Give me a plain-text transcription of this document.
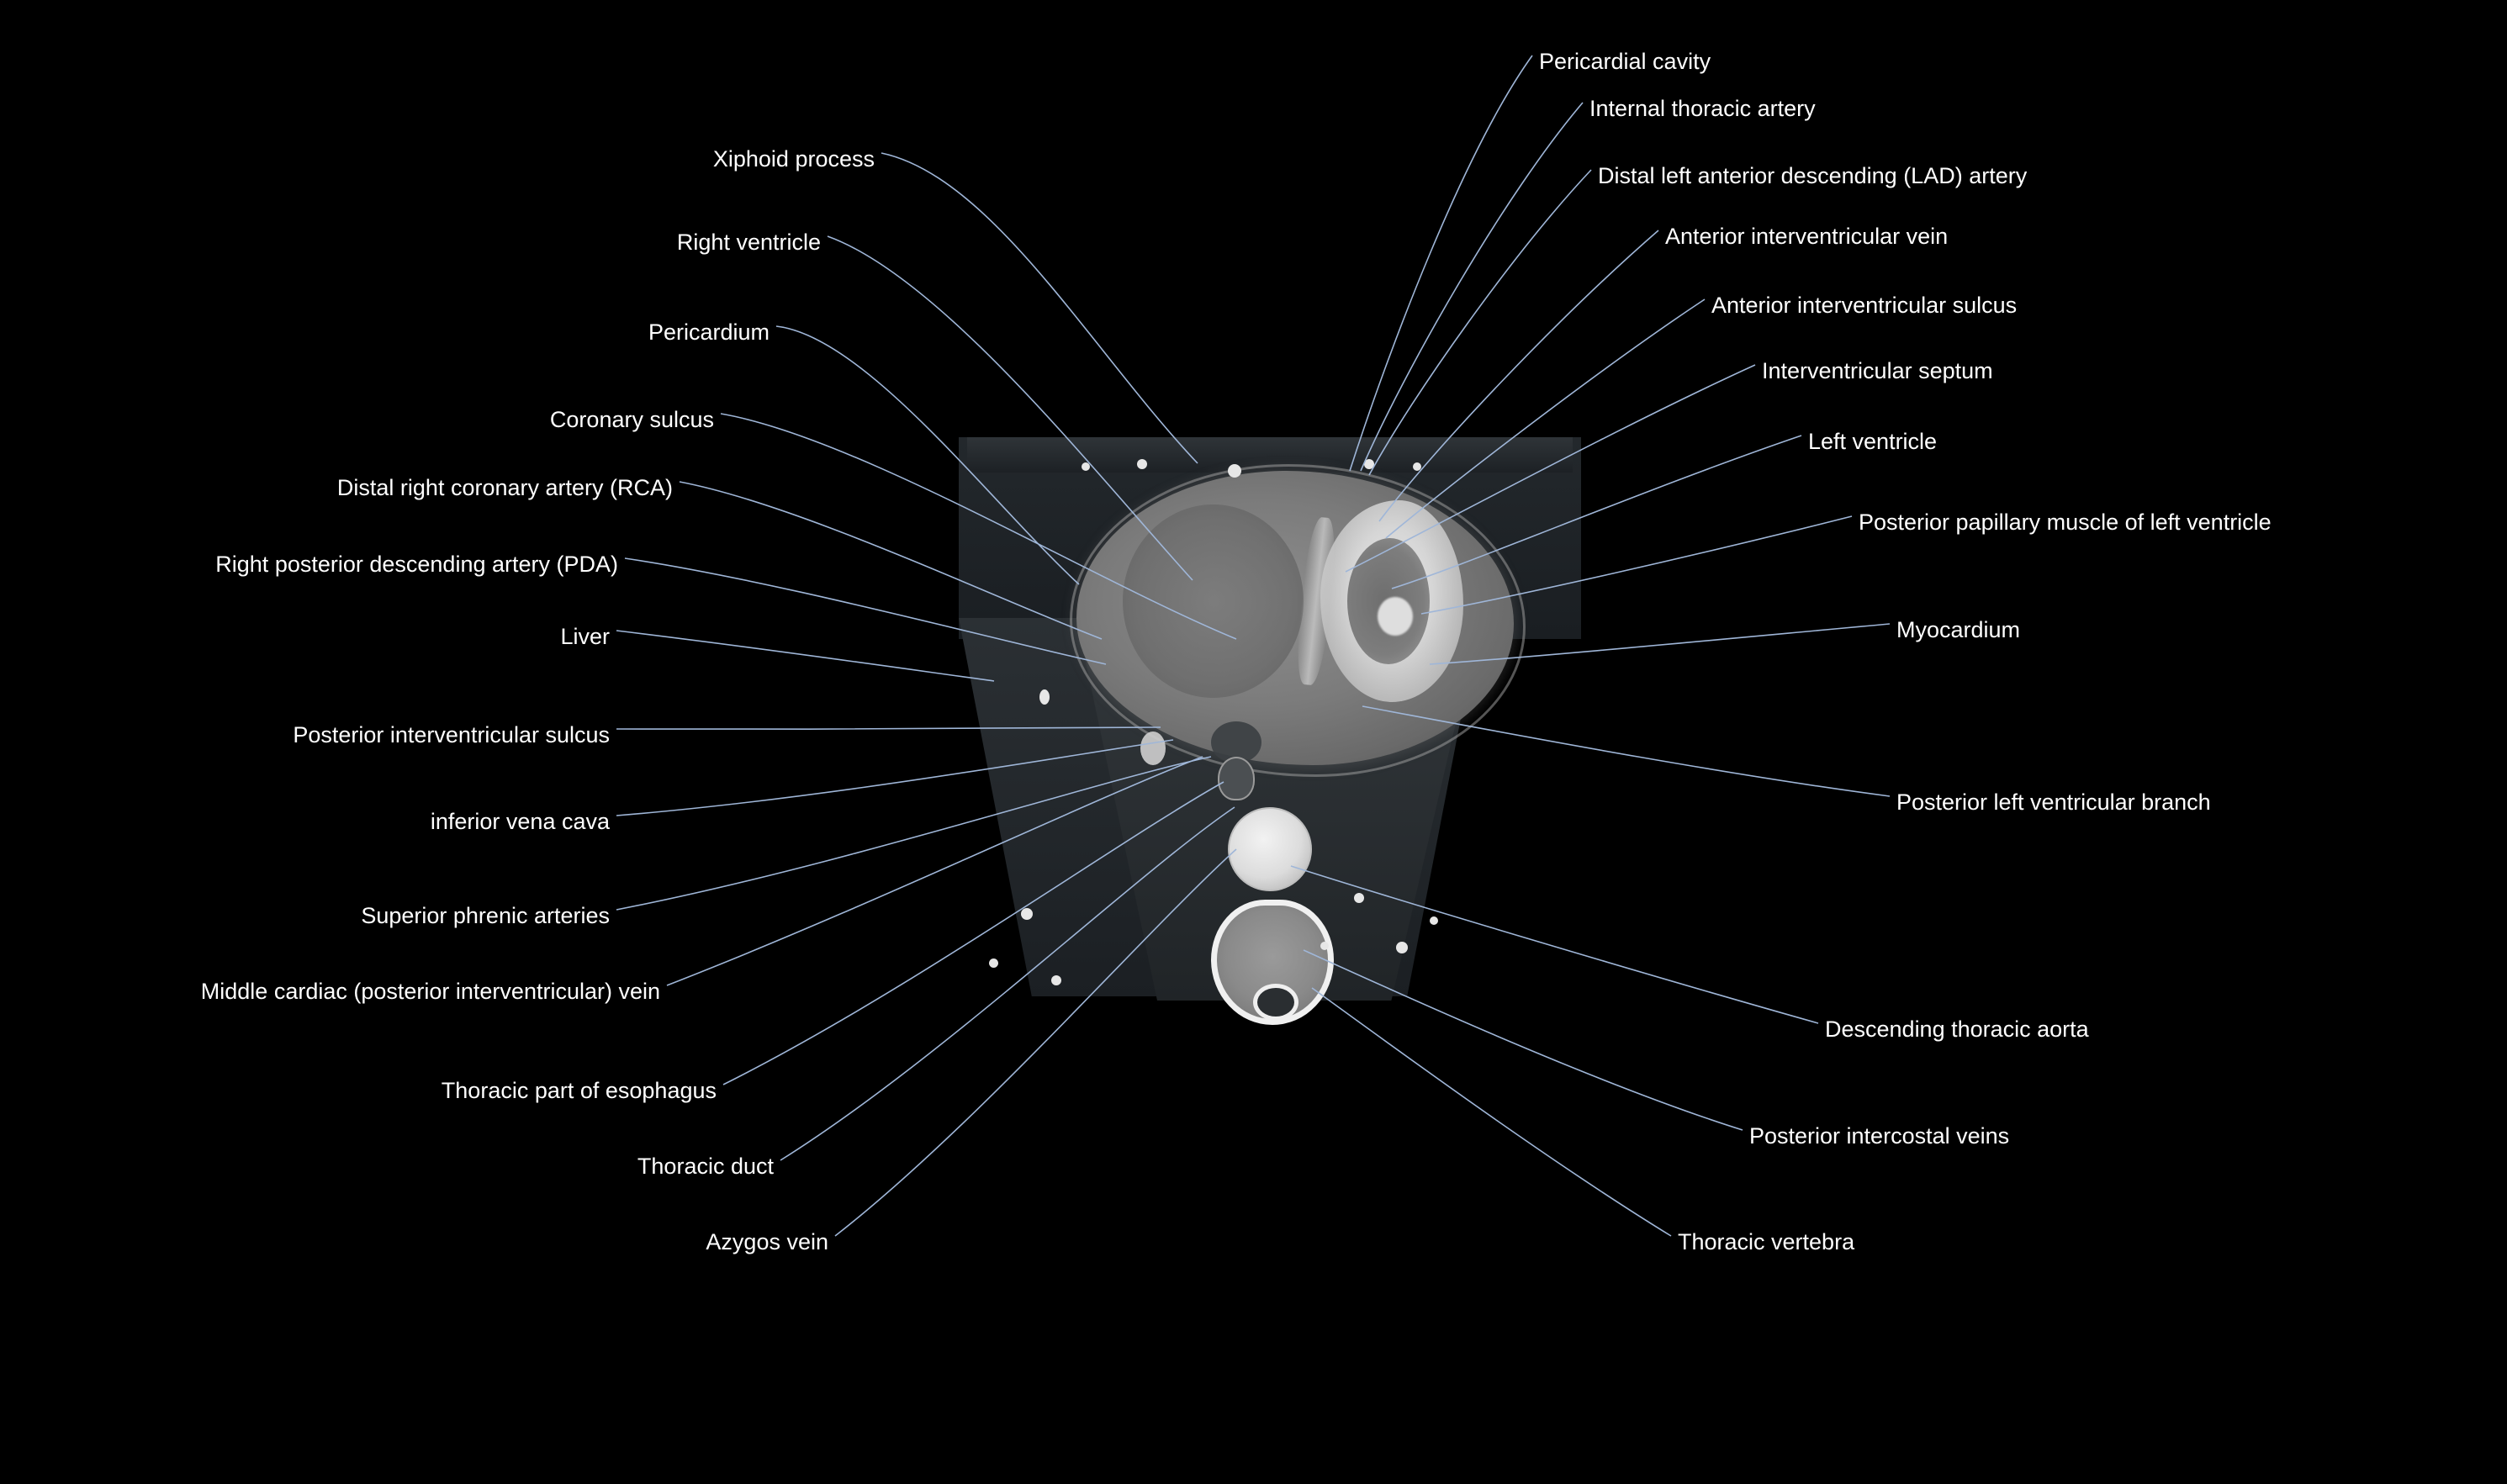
Xiphoid process
Right ventricle
Pericardium
Coronary sulcus
Distal right coronary artery (RCA)
Right posterior descending artery (PDA)
Liver
Posterior interventricular sulcus
inferior vena cava
Superior phrenic arteries
Middle cardiac (posterior interventricular) vein
Thoracic part of esophagus
Thoracic duct
Azygos vein
Pericardial cavity
Internal thoracic artery
Distal left anterior descending (LAD) artery
Anterior interventricular vein
Anterior interventricular sulcus
Interventricular septum
Left ventricle
Posterior papillary muscle of left ventricle
Myocardium
Posterior left ventricular branch
Descending thoracic aorta
Posterior intercostal veins
Thoracic vertebra
